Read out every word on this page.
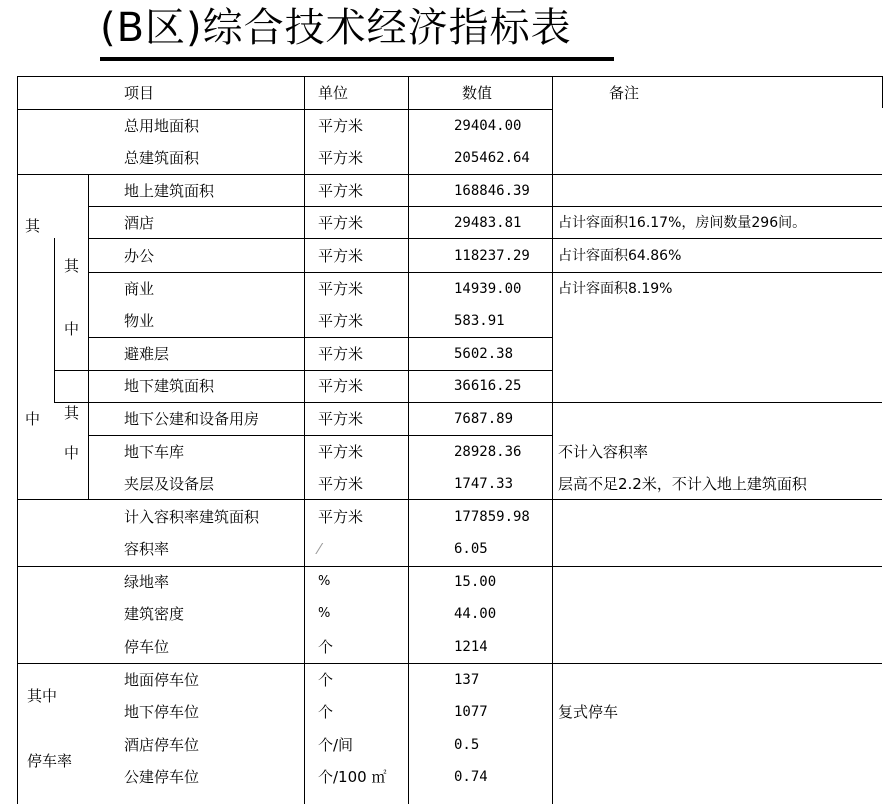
(B区)综合技术经济指标表
项目	单位	数值	备注
其
中
其
中
其
中
其中
停车率
总用地面积	平方米	29404.00
总建筑面积	平方米	205462.64
地上建筑面积	平方米	168846.39
酒店	平方米	29483.81	占计容面积16.17%，房间数量296间。
办公	平方米	118237.29 占计容面积64.86%
商业	平方米	14939.00	占计容面积8.19%
物业	平方米	583.91
避难层	平方米	5602.38
地下建筑面积	平方米	36616.25
地下公建和设备用房	平方米	7687.89
地下车库	平方米	28928.36 不计入容积率
夹层及设备层	平方米	1747.33	层高不足2.2米，不计入地上建筑面积
计入容积率建筑面积	平方米	177859.98
容积率	⁄	6.05
绿地率	%	15.00
建筑密度	%	44.00
停车位	个	1214
地面停车位	个	137
地下停车位	个	1077	复式停车
酒店停车位	个/间	0.5
公建停车位	个/100 ㎡	0.74
